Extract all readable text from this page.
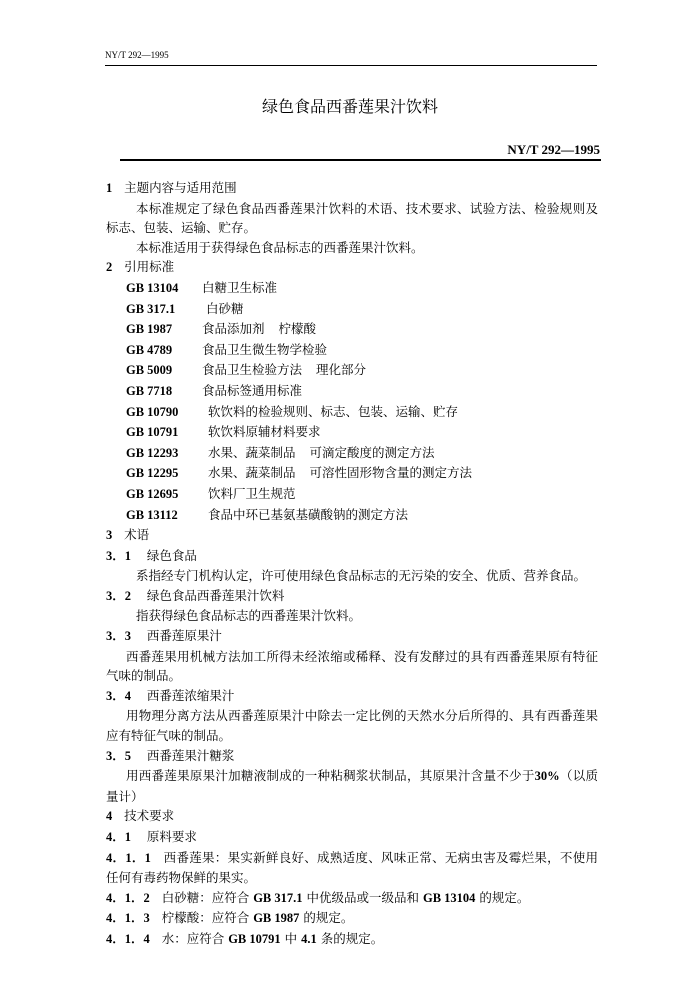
NY/T 292—1995
绿色食品西番莲果汁饮料
NY/T 292—1995
1 主题内容与适用范围
本标准规定了绿色食品西番莲果汁饮料的术语、技术要求、试验方法、检验规则及标志、包装、运输、贮存。
本标准适用于获得绿色食品标志的西番莲果汁饮料。
2 引用标准
GB 13104 白糖卫生标准
GB 317.1 白砂糖
GB 1987 食品添加剂 柠檬酸
GB 4789 食品卫生微生物学检验
GB 5009 食品卫生检验方法 理化部分
GB 7718 食品标签通用标准
GB 10790 软饮料的检验规则、标志、包装、运输、贮存
GB 10791 软饮料原辅材料要求
GB 12293 水果、蔬菜制品 可滴定酸度的测定方法
GB 12295 水果、蔬菜制品 可溶性固形物含量的测定方法
GB 12695 饮料厂卫生规范
GB 13112 食品中环已基氨基磺酸钠的测定方法
3 术语
3．1 绿色食品
系指经专门机构认定，许可使用绿色食品标志的无污染的安全、优质、营养食品。
3．2 绿色食品西番莲果汁饮料
指获得绿色食品标志的西番莲果汁饮料。
3．3 西番莲原果汁
西番莲果用机械方法加工所得未经浓缩或稀释、没有发酵过的具有西番莲果原有特征气味的制品。
3．4 西番莲浓缩果汁
用物理分离方法从西番莲原果汁中除去一定比例的天然水分后所得的、具有西番莲果应有特征气味的制品。
3．5 西番莲果汁糖浆
用西番莲果原果汁加糖液制成的一种粘稠浆状制品，其原果汁含量不少于30%（以质量计）
4 技术要求
4．1 原料要求
4．1．1 西番莲果：果实新鲜良好、成熟适度、风味正常、无病虫害及霉烂果，不使用任何有毒药物保鲜的果实。
4．1．2 白砂糖：应符合 GB 317.1 中优级品或一级品和 GB 13104 的规定。
4．1．3 柠檬酸：应符合 GB 1987 的规定。
4．1．4 水：应符合 GB 10791 中 4.1 条的规定。
